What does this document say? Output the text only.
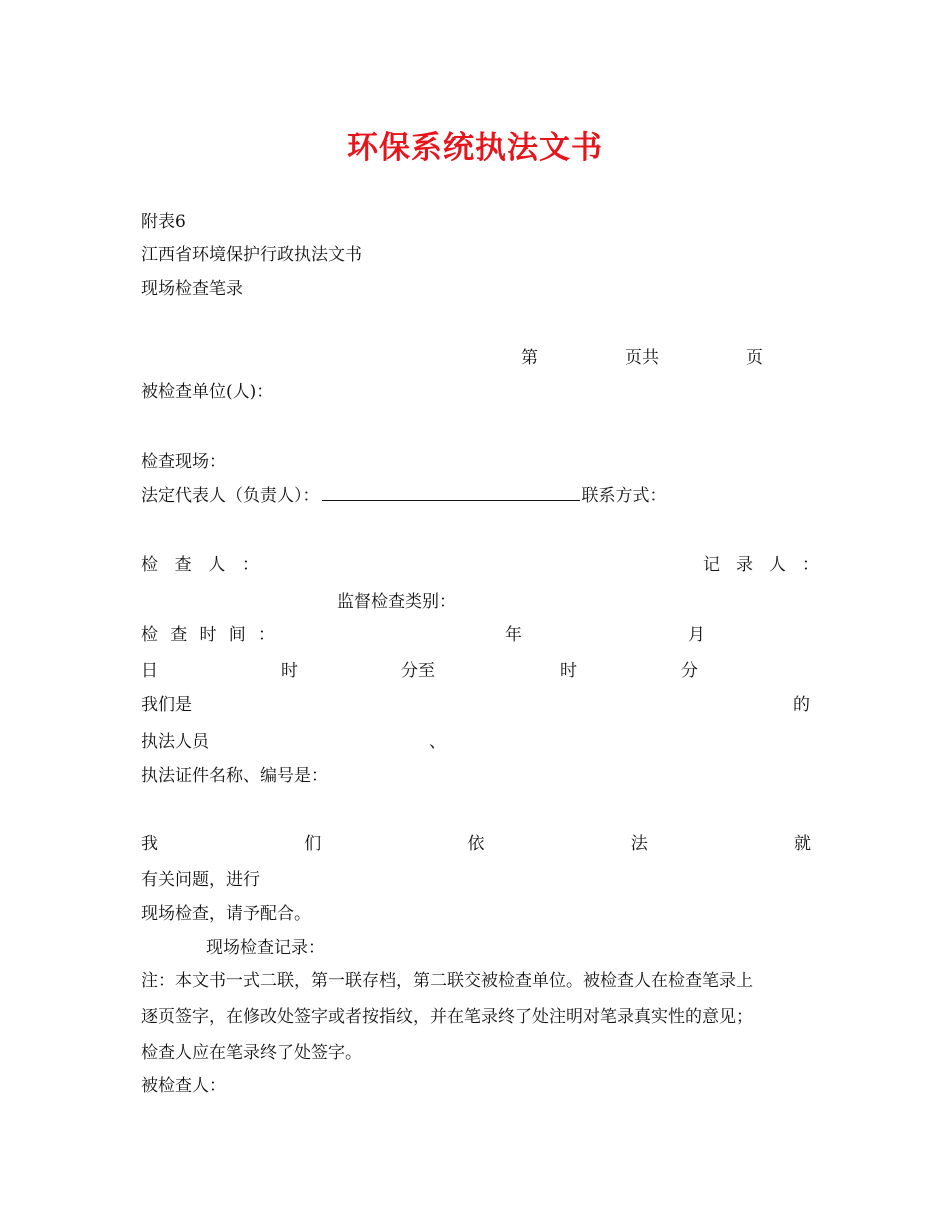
环保系统执法文书
附表6
江西省环境保护行政执法文书
现场检查笔录
第	页共	页
被检查单位(人)：
检查现场：
法定代表人（负责人）：	联系方式：
检 查 人 ：	记 录 人 ：
监督检查类别：
检 查 时 间 ：	年	月
日	时	分至	时	分
我们是	的
执法人员	、
执法证件名称、编号是：
我	们	依	法	就
有关问题，进行
现场检查，请予配合。
现场检查记录：
注：本文书一式二联，第一联存档，第二联交被检查单位。被检查人在检查笔录上
逐页签字，在修改处签字或者按指纹，并在笔录终了处注明对笔录真实性的意见；
检查人应在笔录终了处签字。
被检查人：
